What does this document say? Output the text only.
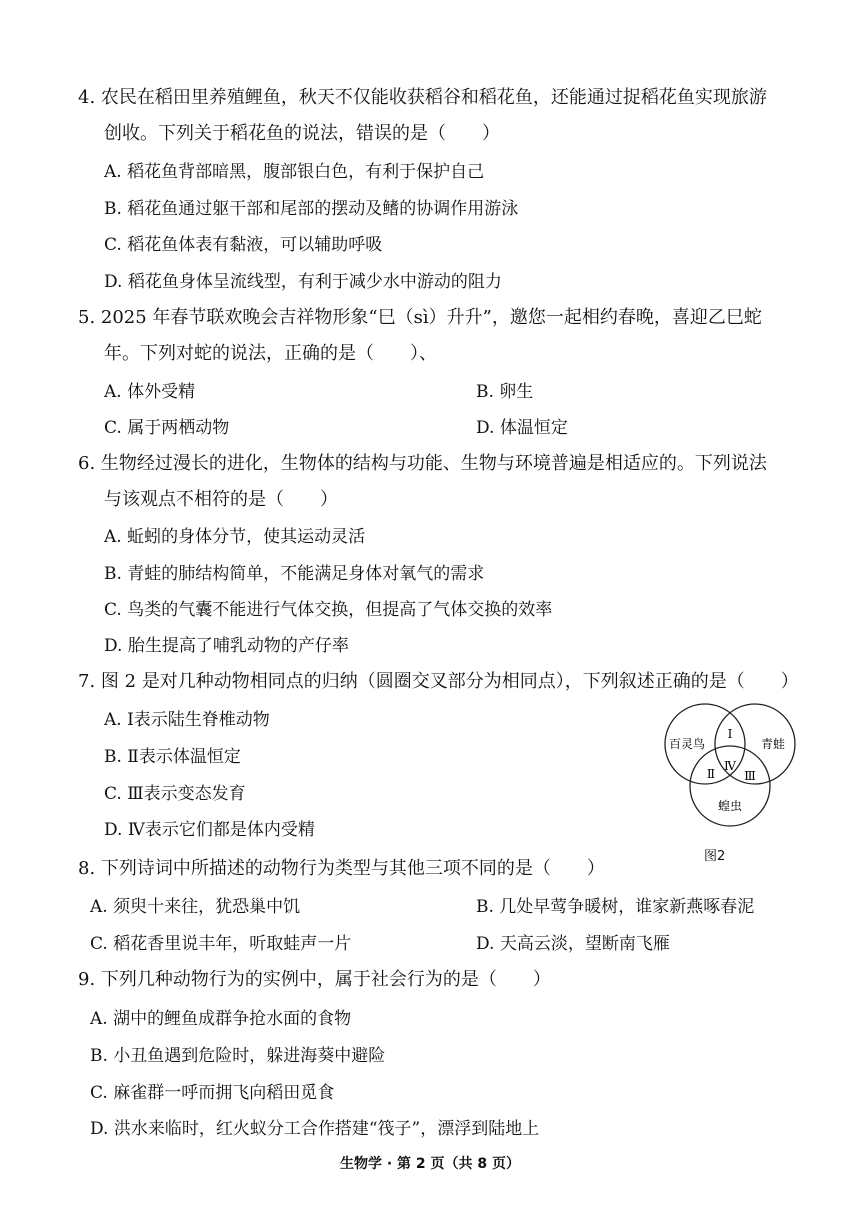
4. 农民在稻田里养殖鲤鱼，秋天不仅能收获稻谷和稻花鱼，还能通过捉稻花鱼实现旅游
创收。下列关于稻花鱼的说法，错误的是（　　）
A. 稻花鱼背部暗黑，腹部银白色，有利于保护自己
B. 稻花鱼通过躯干部和尾部的摆动及鳍的协调作用游泳
C. 稻花鱼体表有黏液，可以辅助呼吸
D. 稻花鱼身体呈流线型，有利于减少水中游动的阻力
5. 2025 年春节联欢晚会吉祥物形象“巳（sì）升升”，邀您一起相约春晚，喜迎乙巳蛇
年。下列对蛇的说法，正确的是（　　）、
A. 体外受精	B. 卵生
C. 属于两栖动物	D. 体温恒定
6. 生物经过漫长的进化，生物体的结构与功能、生物与环境普遍是相适应的。下列说法
与该观点不相符的是（　　）
A. 蚯蚓的身体分节，使其运动灵活
B. 青蛙的肺结构简单，不能满足身体对氧气的需求
C. 鸟类的气囊不能进行气体交换，但提高了气体交换的效率
D. 胎生提高了哺乳动物的产仔率
7. 图 2 是对几种动物相同点的归纳（圆圈交叉部分为相同点），下列叙述正确的是（　　）
A. Ⅰ表示陆生脊椎动物
B. Ⅱ表示体温恒定
C. Ⅲ表示变态发育
D. Ⅳ表示它们都是体内受精
百灵鸟	青蛙
蝗虫
Ⅰ
Ⅱ Ⅲ
Ⅳ
图2
8. 下列诗词中所描述的动物行为类型与其他三项不同的是（　　）
A. 须臾十来往，犹恐巢中饥	B. 几处早莺争暖树，谁家新燕啄春泥
C. 稻花香里说丰年，听取蛙声一片	D. 天高云淡，望断南飞雁
9. 下列几种动物行为的实例中，属于社会行为的是（　　）
A. 湖中的鲤鱼成群争抢水面的食物
B. 小丑鱼遇到危险时，躲进海葵中避险
C. 麻雀群一呼而拥飞向稻田觅食
D. 洪水来临时，红火蚁分工合作搭建“筏子”，漂浮到陆地上
生物学 · 第 2 页（共 8 页）
